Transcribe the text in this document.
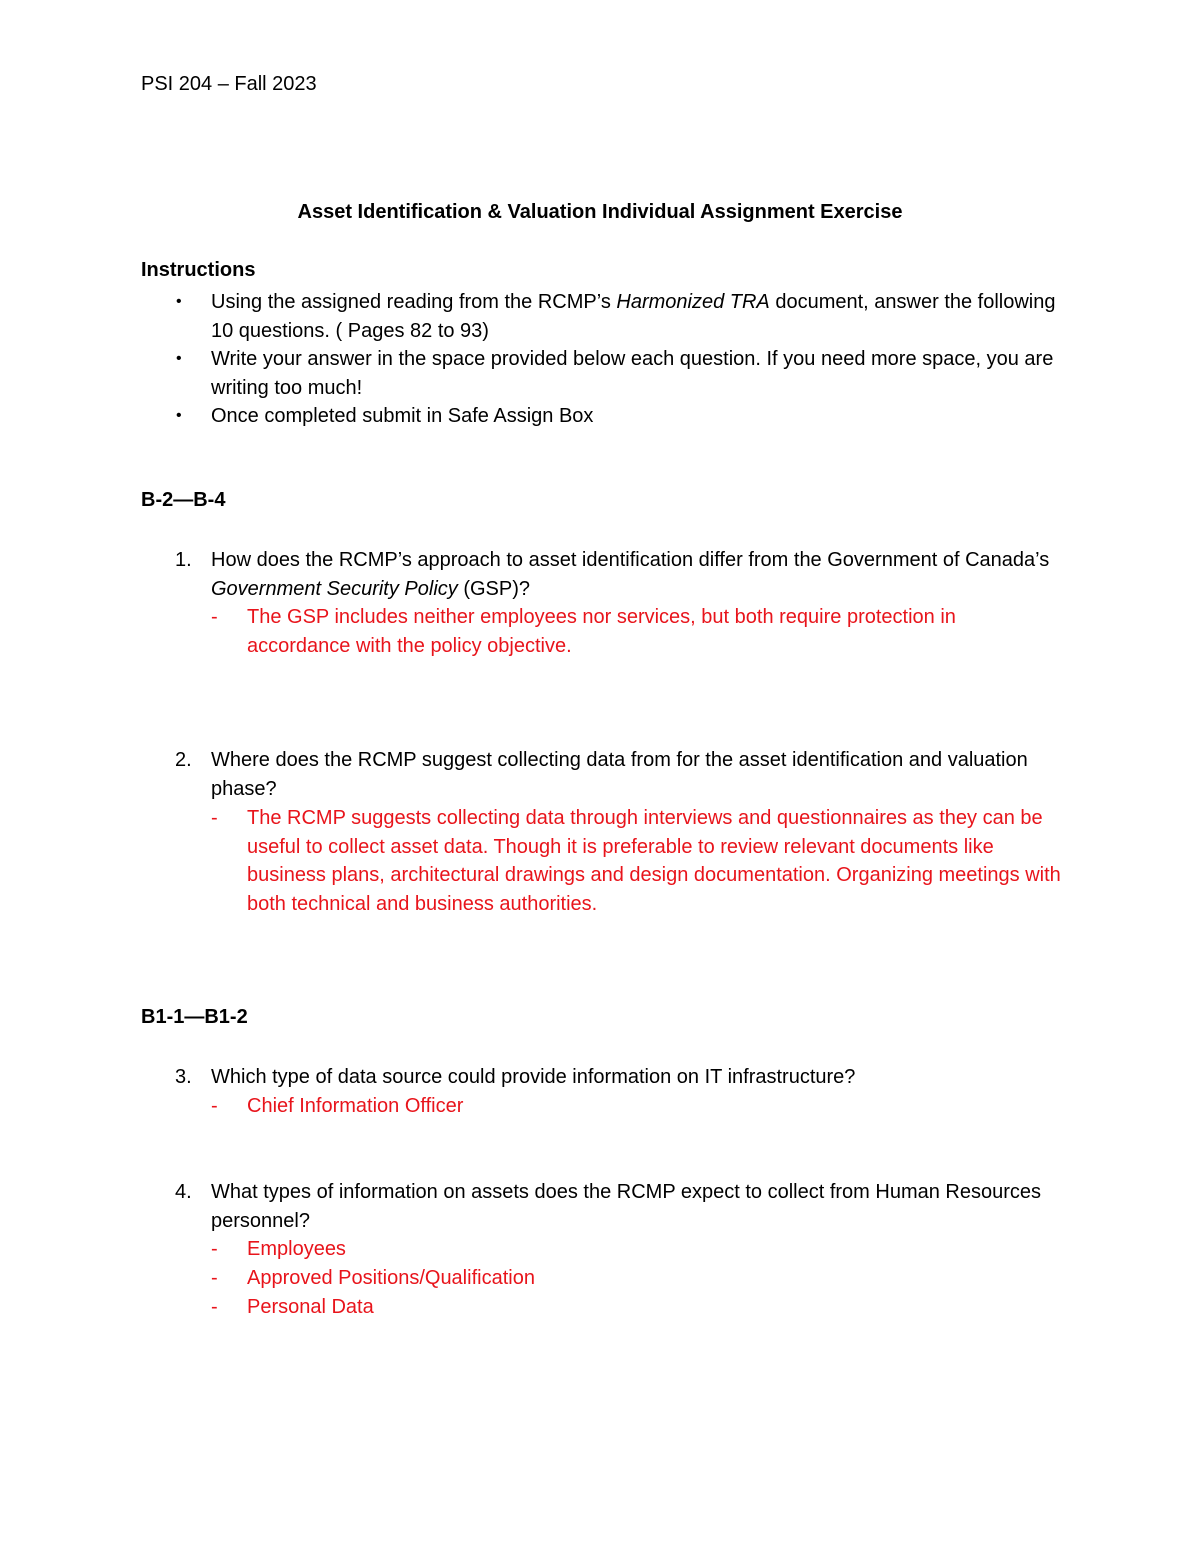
PSI 204 – Fall 2023
Asset Identification & Valuation Individual Assignment Exercise
Instructions
• Using the assigned reading from the RCMP’s Harmonized TRA document, answer the following 10 questions. ( Pages 82 to 93)
• Write your answer in the space provided below each question. If you need more space, you are writing too much!
• Once completed submit in Safe Assign Box
B-2—B-4
1. How does the RCMP’s approach to asset identification differ from the Government of Canada’s Government Security Policy (GSP)?
- The GSP includes neither employees nor services, but both require protection in accordance with the policy objective.
2. Where does the RCMP suggest collecting data from for the asset identification and valuation phase?
- The RCMP suggests collecting data through interviews and questionnaires as they can be useful to collect asset data. Though it is preferable to review relevant documents like business plans, architectural drawings and design documentation. Organizing meetings with both technical and business authorities.
B1-1—B1-2
3. Which type of data source could provide information on IT infrastructure?
- Chief Information Officer
4. What types of information on assets does the RCMP expect to collect from Human Resources personnel?
- Employees
- Approved Positions/Qualification
- Personal Data
